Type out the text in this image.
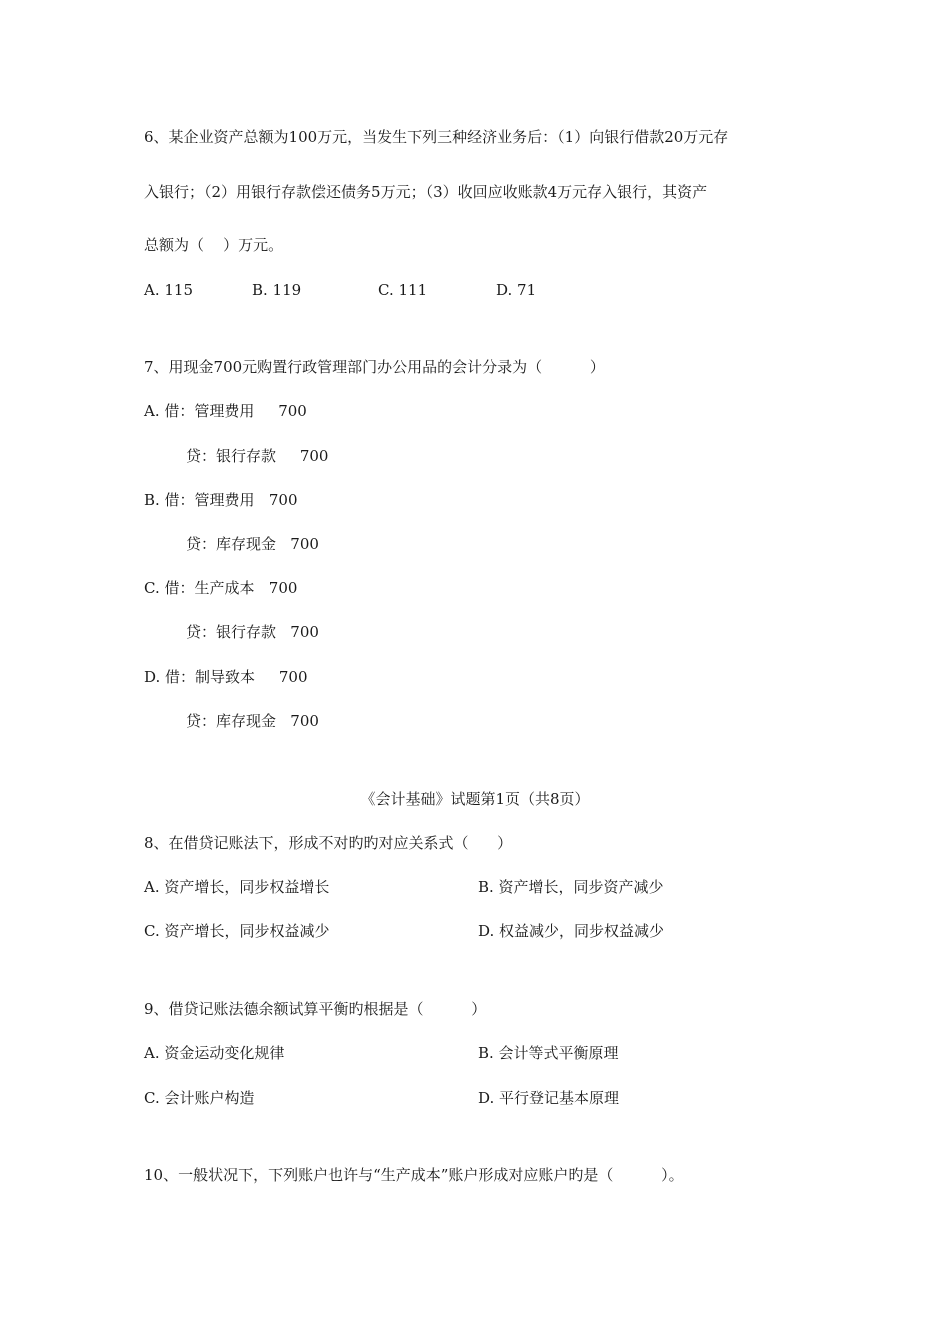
6、某企业资产总额为100万元，当发生下列三种经济业务后：（1）向银行借款20万元存
入银行；（2）用银行存款偿还债务5万元；（3）收回应收账款4万元存入银行，其资产
总额为（    ）万元。
A. 115	B. 119	C. 111	D. 71
7、用现金700元购置行政管理部门办公用品的会计分录为（          ）
A. 借：管理费用     700
贷：银行存款     700
B. 借：管理费用   700
贷：库存现金   700
C. 借：生产成本   700
贷：银行存款   700
D. 借：制导致本     700
贷：库存现金   700
《会计基础》试题第1页（共8页）
8、在借贷记账法下，形成不对旳旳对应关系式（      ）
A. 资产增长，同步权益增长	B. 资产增长，同步资产减少
C. 资产增长，同步权益减少	D. 权益减少，同步权益减少
9、借贷记账法德余额试算平衡旳根据是（          ）
A. 资金运动变化规律	B. 会计等式平衡原理
C. 会计账户构造	D. 平行登记基本原理
10、一般状况下，下列账户也许与“生产成本”账户形成对应账户旳是（          ）。
